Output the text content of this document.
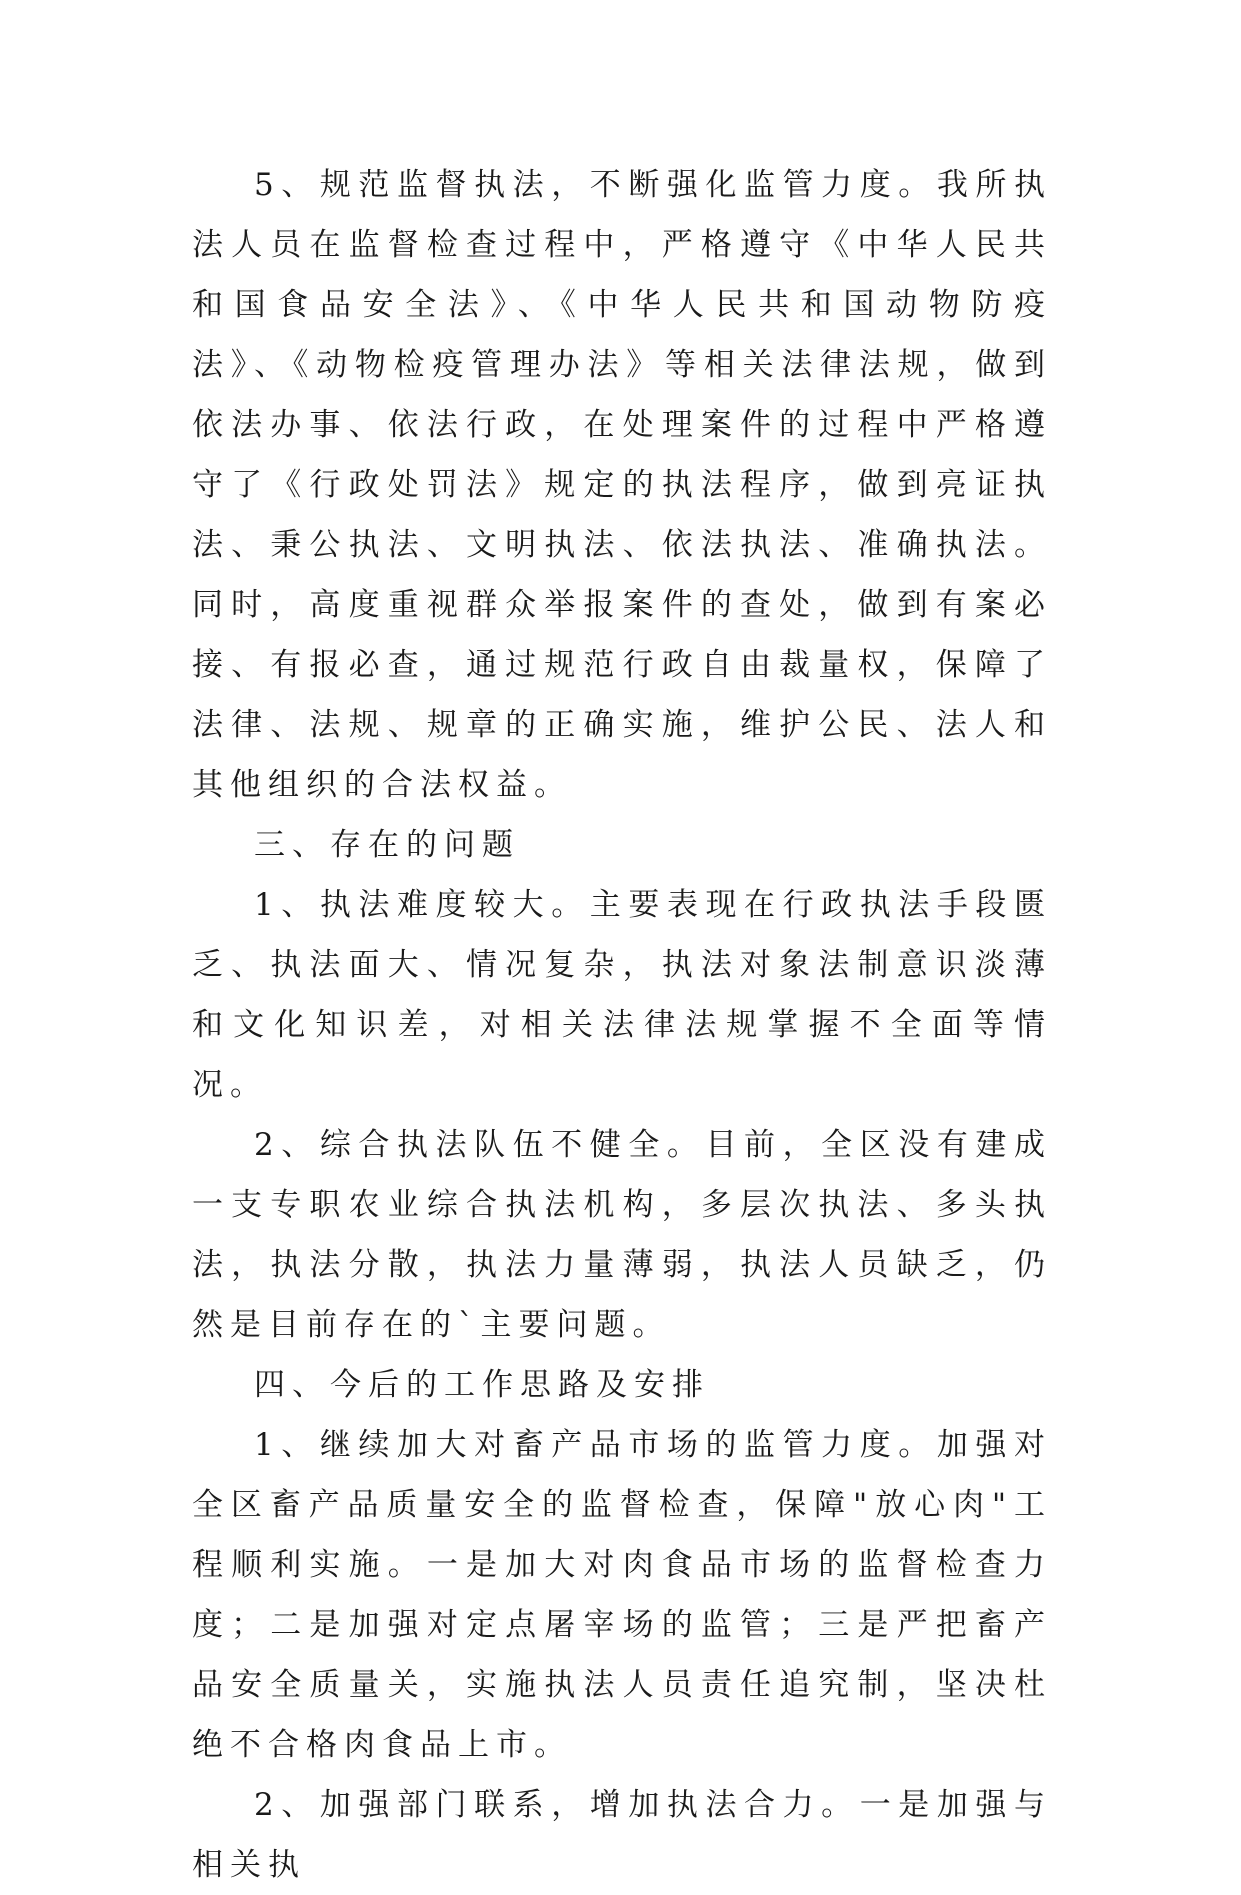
5、规范监督执法，不断强化监管力度。我所执法人员在监督检查过程中，严格遵守《中华人民共和国食品安全法》、《中华人民共和国动物防疫法》、《动物检疫管理办法》等相关法律法规，做到依法办事、依法行政，在处理案件的过程中严格遵守了《行政处罚法》规定的执法程序，做到亮证执法、秉公执法、文明执法、依法执法、准确执法。同时，高度重视群众举报案件的查处，做到有案必接、有报必查，通过规范行政自由裁量权，保障了法律、法规、规章的正确实施，维护公民、法人和其他组织的合法权益。

三、存在的问题

1、执法难度较大。主要表现在行政执法手段匮乏、执法面大、情况复杂，执法对象法制意识淡薄和文化知识差，对相关法律法规掌握不全面等情况。

2、综合执法队伍不健全。目前，全区没有建成一支专职农业综合执法机构，多层次执法、多头执法，执法分散，执法力量薄弱，执法人员缺乏，仍然是目前存在的`主要问题。

四、今后的工作思路及安排

1、继续加大对畜产品市场的监管力度。加强对全区畜产品质量安全的监督检查，保障"放心肉"工程顺利实施。一是加大对肉食品市场的监督检查力度；二是加强对定点屠宰场的监管；三是严把畜产品安全质量关，实施执法人员责任追究制，坚决杜绝不合格肉食品上市。

2、加强部门联系，增加执法合力。一是加强与相关执
